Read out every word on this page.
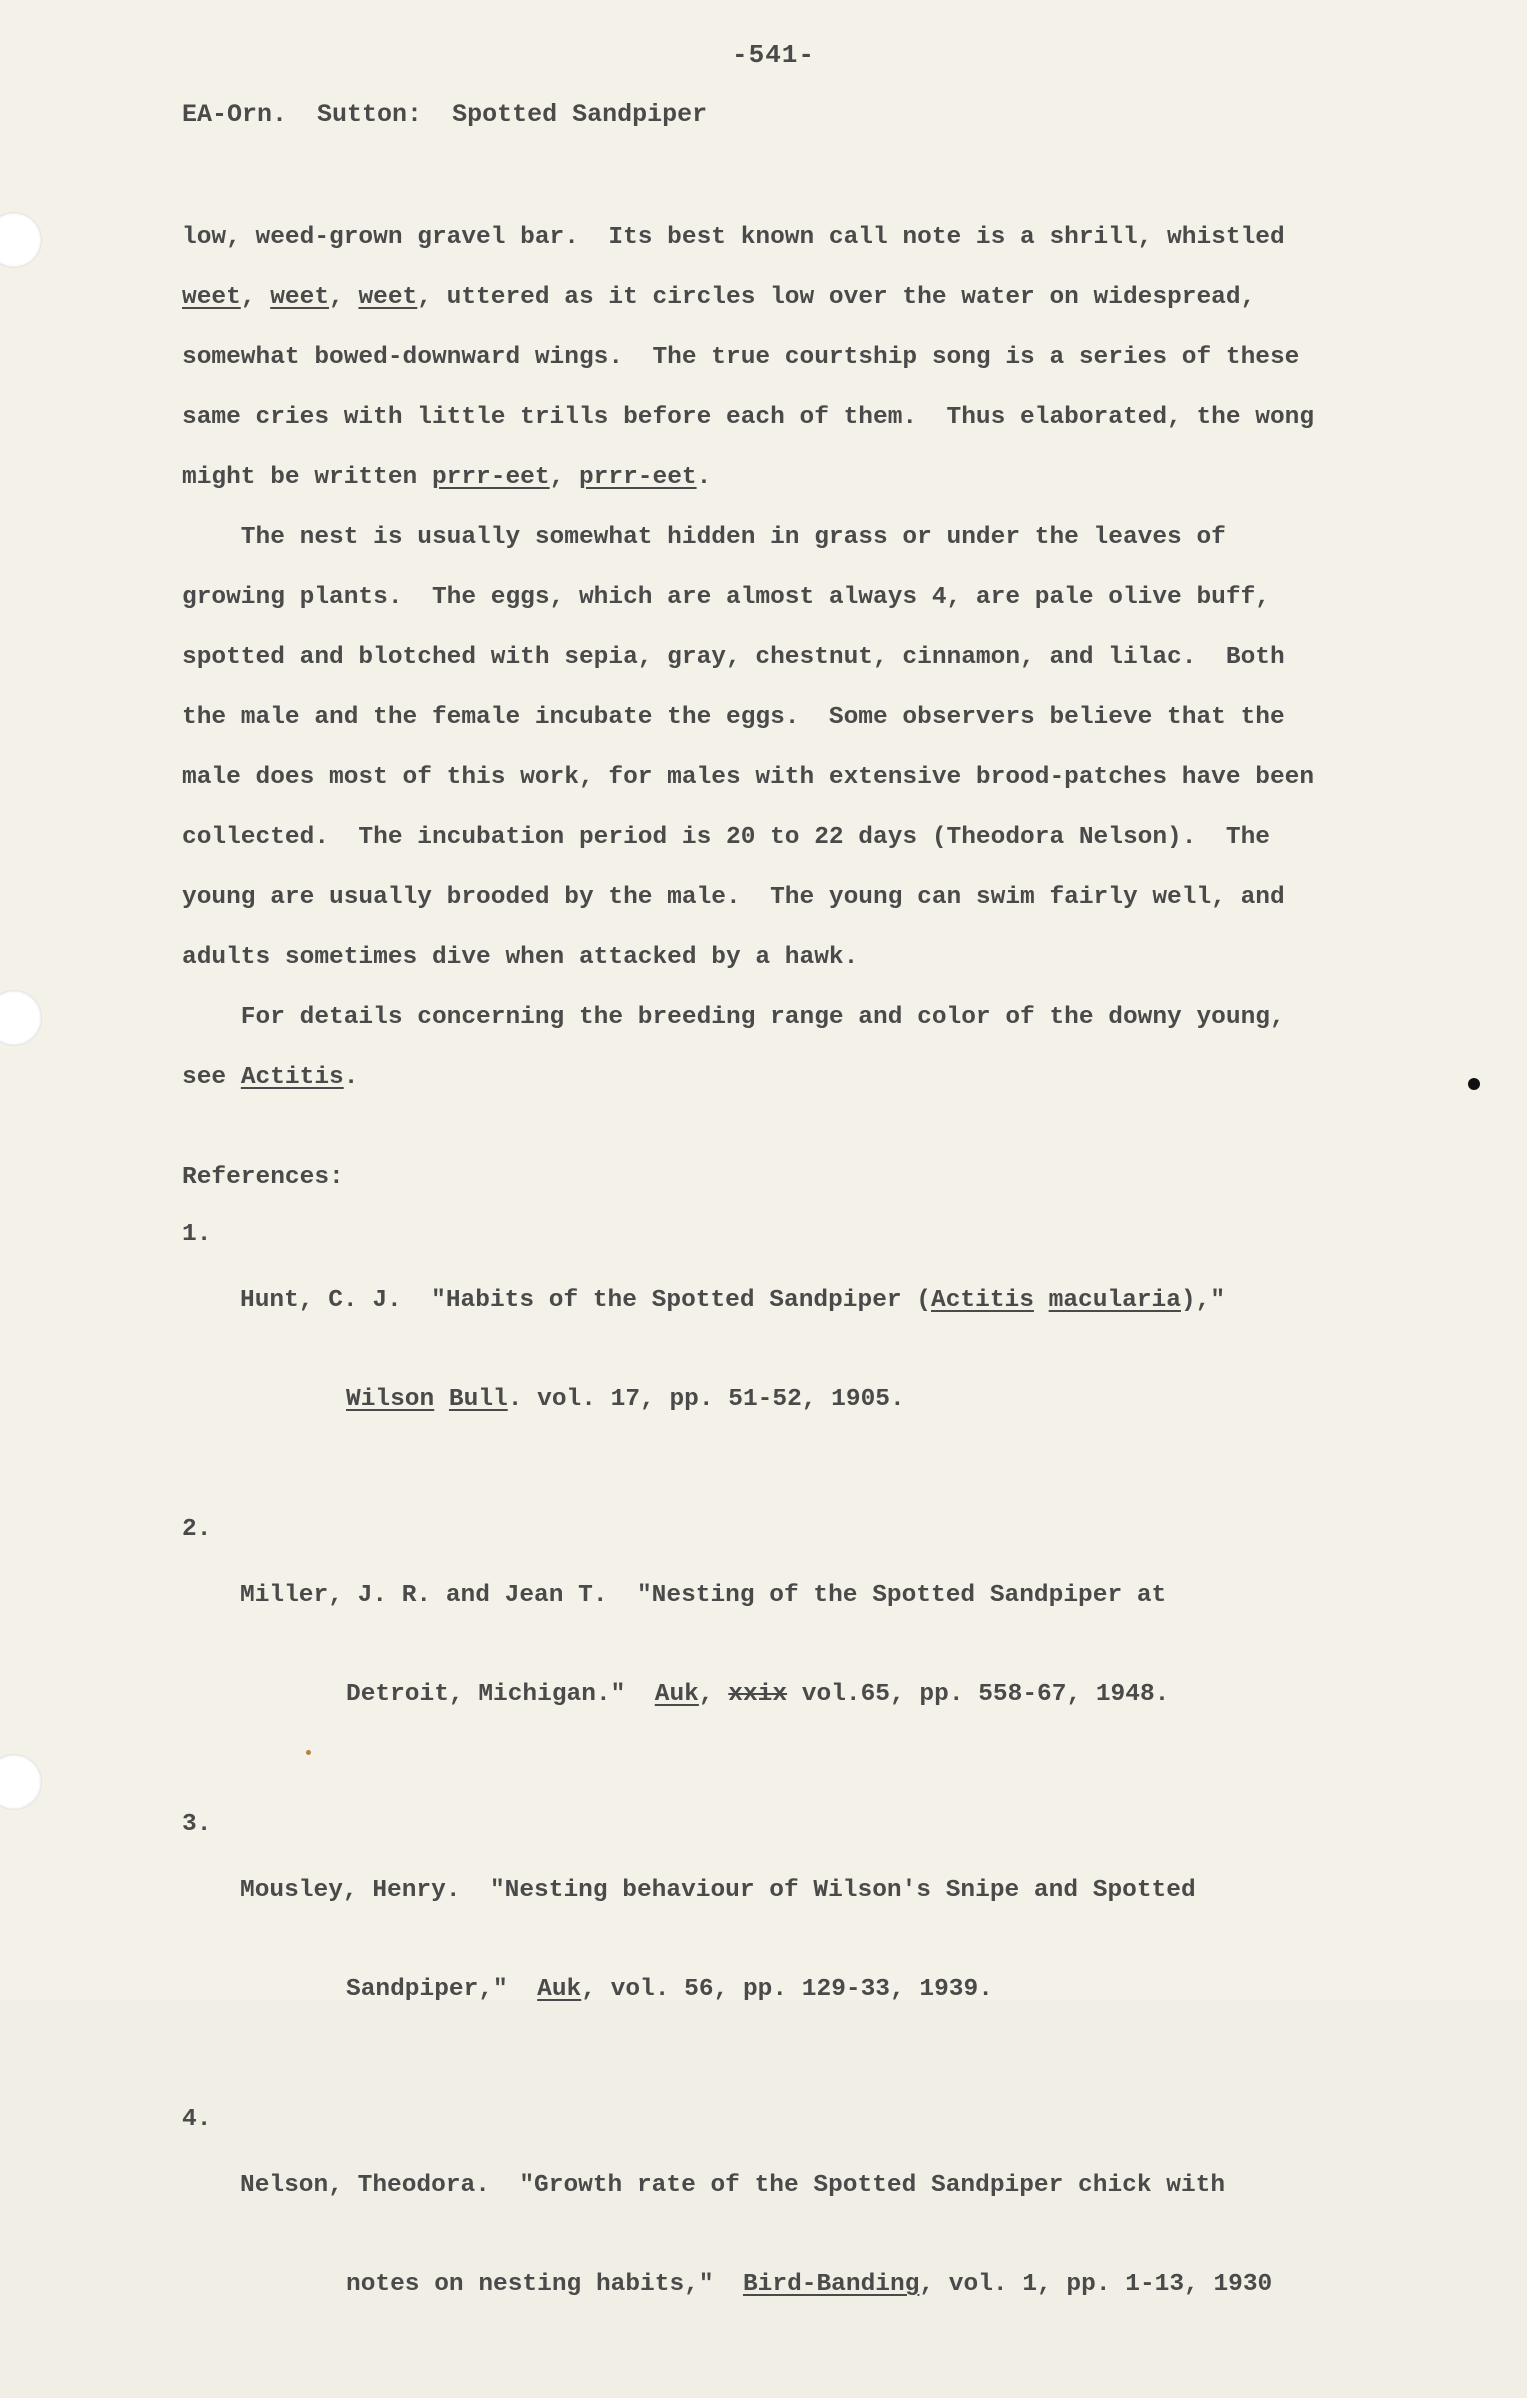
-541-
EA-Orn. Sutton: Spotted Sandpiper
low, weed-grown gravel bar.  Its best known call note is a shrill, whistled
weet, weet, weet, uttered as it circles low over the water on widespread,
somewhat bowed-downward wings.  The true courtship song is a series of these
same cries with little trills before each of them.  Thus elaborated, the wong
might be written prrr-eet, prrr-eet.
The nest is usually somewhat hidden in grass or under the leaves of
growing plants.  The eggs, which are almost always 4, are pale olive buff,
spotted and blotched with sepia, gray, chestnut, cinnamon, and lilac.  Both
the male and the female incubate the eggs.  Some observers believe that the
male does most of this work, for males with extensive brood-patches have been
collected.  The incubation period is 20 to 22 days (Theodora Nelson).  The
young are usually brooded by the male.  The young can swim fairly well, and
adults sometimes dive when attacked by a hawk.
For details concerning the breeding range and color of the downy young,
see Actitis.
References:
1.

Hunt, C. J.  "Habits of the Spotted Sandpiper (Actitis macularia),"

Wilson Bull. vol. 17, pp. 51-52, 1905.

2.

Miller, J. R. and Jean T.  "Nesting of the Spotted Sandpiper at

Detroit, Michigan."  Auk, xxix vol.65, pp. 558-67, 1948.

3.

Mousley, Henry.  "Nesting behaviour of Wilson's Snipe and Spotted

Sandpiper,"  Auk, vol. 56, pp. 129-33, 1939.

4.

Nelson, Theodora.  "Growth rate of the Spotted Sandpiper chick with

notes on nesting habits,"  Bird-Banding, vol. 1, pp. 1-13, 1930
